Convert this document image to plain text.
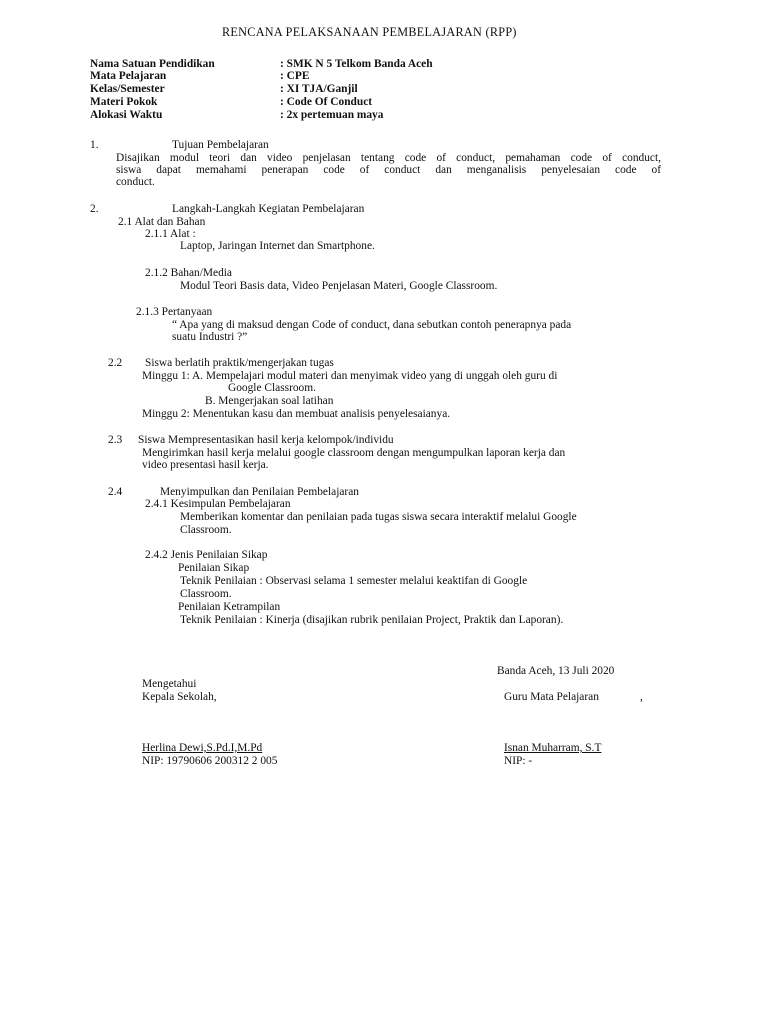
RENCANA PELAKSANAAN PEMBELAJARAN (RPP)
Nama Satuan Pendidikan	: SMK N 5 Telkom Banda Aceh
Mata Pelajaran	: CPE
Kelas/Semester	: XI TJA/Ganjil
Materi Pokok	: Code Of Conduct
Alokasi Waktu	: 2x pertemuan maya
1.	Tujuan Pembelajaran
Disajikan modul teori dan video penjelasan tentang code of conduct, pemahaman code of conduct,
siswa dapat memahami penerapan code of conduct dan menganalisis penyelesaian code of
conduct.
2.	Langkah-Langkah Kegiatan Pembelajaran
2.1 Alat dan Bahan
2.1.1 Alat :
Laptop, Jaringan Internet dan Smartphone.
2.1.2 Bahan/Media
Modul Teori Basis data, Video Penjelasan Materi, Google Classroom.
2.1.3 Pertanyaan
“ Apa yang di maksud dengan Code of conduct, dana sebutkan contoh penerapnya pada
suatu Industri ?”
2.2 Siswa berlatih praktik/mengerjakan tugas
Minggu 1: A. Mempelajari modul materi dan menyimak video yang di unggah oleh guru di
Google Classroom.
B. Mengerjakan soal latihan
Minggu 2: Menentukan kasu dan membuat analisis penyelesaianya.
2.3 Siswa Mempresentasikan hasil kerja kelompok/individu
Mengirimkan hasil kerja melalui google classroom dengan mengumpulkan laporan kerja dan
video presentasi hasil kerja.
2.4	Menyimpulkan dan Penilaian Pembelajaran
2.4.1 Kesimpulan Pembelajaran
Memberikan komentar dan penilaian pada tugas siswa secara interaktif melalui Google
Classroom.
2.4.2 Jenis Penilaian Sikap
Penilaian Sikap
Teknik Penilaian : Observasi selama 1 semester melalui keaktifan di Google
Classroom.
Penilaian Ketrampilan
Teknik Penilaian : Kinerja (disajikan rubrik penilaian Project, Praktik dan Laporan).
Banda Aceh, 13 Juli 2020
Mengetahui
Kepala Sekolah,	Guru Mata Pelajaran	,
Herlina Dewi,S.Pd.I,M.Pd
NIP: 19790606 200312 2 005
Isnan Muharram, S.T
NIP: -
